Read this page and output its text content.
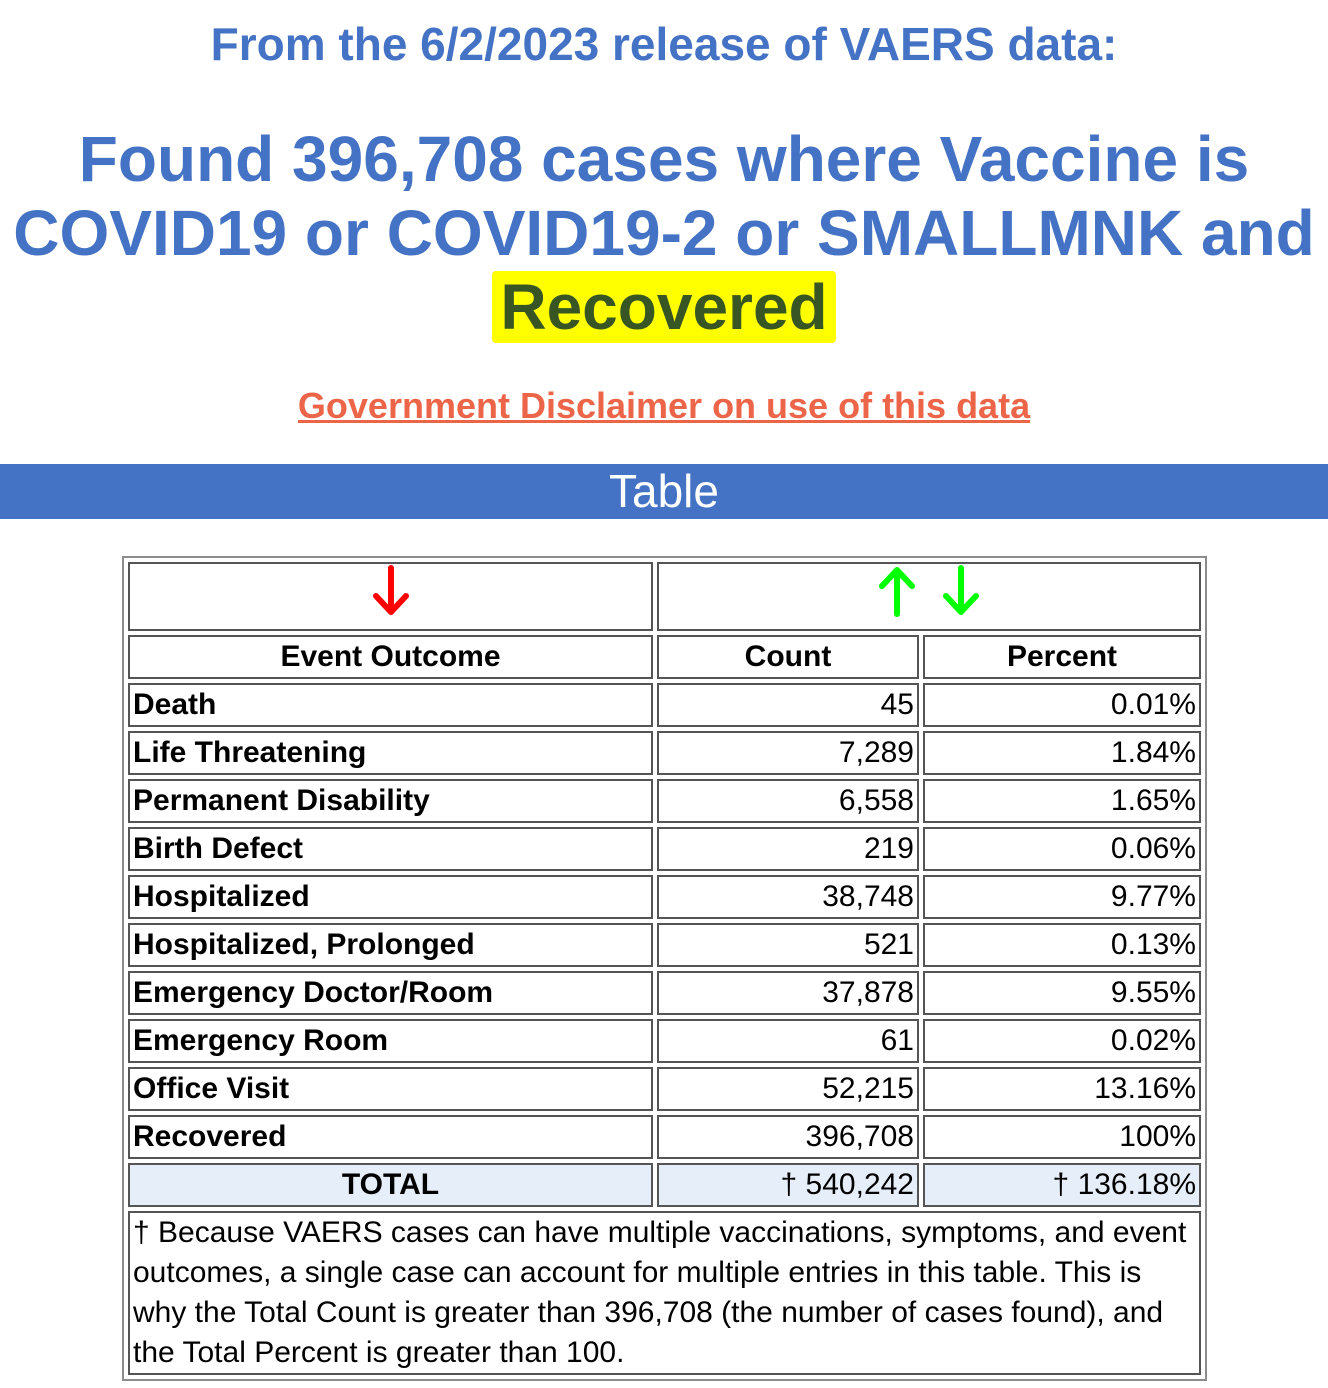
From the 6/2/2023 release of VAERS data:
Found 396,708 cases where Vaccine is
COVID19 or COVID19-2 or SMALLMNK and
Recovered
Government Disclaimer on use of this data
Table

Event Outcome	Count	Percent
Death	45	0.01%
Life Threatening	7,289	1.84%
Permanent Disability	6,558	1.65%
Birth Defect	219	0.06%
Hospitalized	38,748	9.77%
Hospitalized, Prolonged	521	0.13%
Emergency Doctor/Room	37,878	9.55%
Emergency Room	61	0.02%
Office Visit	52,215	13.16%
Recovered	396,708	100%
TOTAL	† 540,242	† 136.18%

† Because VAERS cases can have multiple vaccinations, symptoms, and event outcomes, a single case can account for multiple entries in this table. This is why the Total Count is greater than 396,708 (the number of cases found), and the Total Percent is greater than 100.		
